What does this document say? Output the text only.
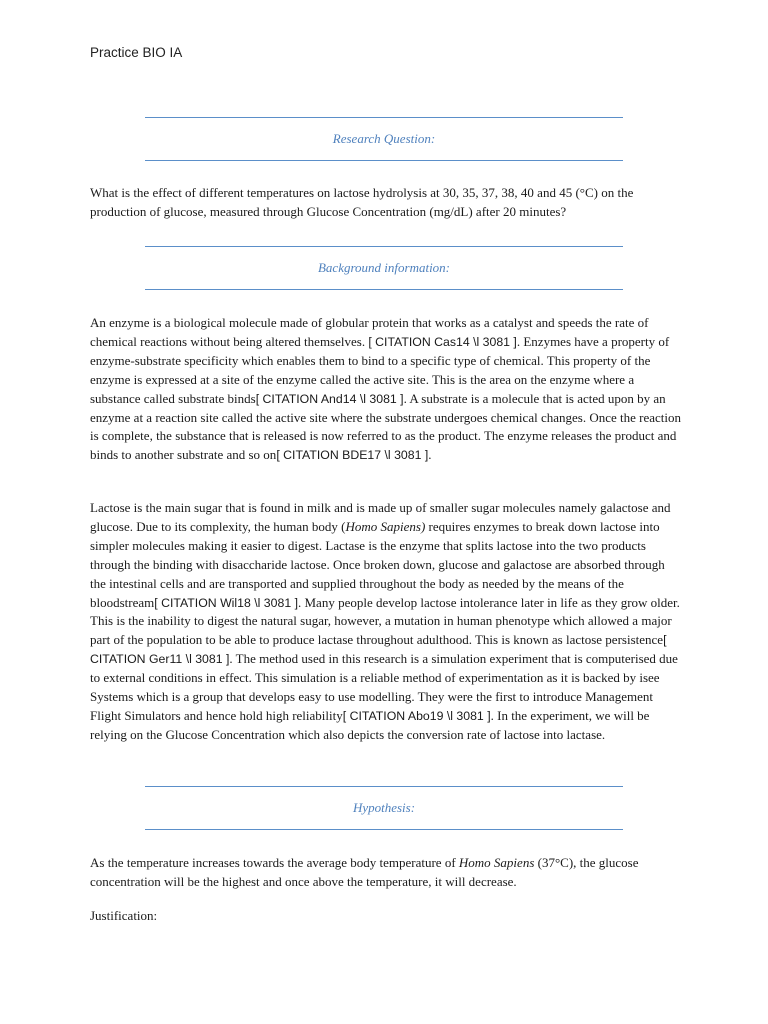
Practice BIO IA
Research Question:

What is the effect of different temperatures on lactose hydrolysis at 30, 35, 37, 38, 40 and 45 (°C) on the production of glucose, measured through Glucose Concentration (mg/dL) after 20 minutes?

Background information:

An enzyme is a biological molecule made of globular protein that works as a catalyst and speeds the rate of chemical reactions without being altered themselves. [ CITATION Cas14 \l 3081 ]. Enzymes have a property of enzyme-substrate specificity which enables them to bind to a specific type of chemical. This property of the enzyme is expressed at a site of the enzyme called the active site. This is the area on the enzyme where a substance called substrate binds[ CITATION And14 \l 3081 ]. A substrate is a molecule that is acted upon by an enzyme at a reaction site called the active site where the substrate undergoes chemical changes. Once the reaction is complete, the substance that is released is now referred to as the product. The enzyme releases the product and binds to another substrate and so on[ CITATION BDE17 \l 3081 ].

Lactose is the main sugar that is found in milk and is made up of smaller sugar molecules namely galactose and glucose. Due to its complexity, the human body (Homo Sapiens) requires enzymes to break down lactose into simpler molecules making it easier to digest. Lactase is the enzyme that splits lactose into the two products through the binding with disaccharide lactose. Once broken down, glucose and galactose are absorbed through the intestinal cells and are transported and supplied throughout the body as needed by the means of the bloodstream[ CITATION Wil18 \l 3081 ]. Many people develop lactose intolerance later in life as they grow older. This is the inability to digest the natural sugar, however, a mutation in human phenotype which allowed a major part of the population to be able to produce lactase throughout adulthood. This is known as lactose persistence[ CITATION Ger11 \l 3081 ]. The method used in this research is a simulation experiment that is computerised due to external conditions in effect. This simulation is a reliable method of experimentation as it is backed by isee Systems which is a group that develops easy to use modelling. They were the first to introduce Management Flight Simulators and hence hold high reliability[ CITATION Abo19 \l 3081 ]. In the experiment, we will be relying on the Glucose Concentration which also depicts the conversion rate of lactose into lactase.

Hypothesis:

As the temperature increases towards the average body temperature of Homo Sapiens (37°C), the glucose concentration will be the highest and once above the temperature, it will decrease.

Justification:
